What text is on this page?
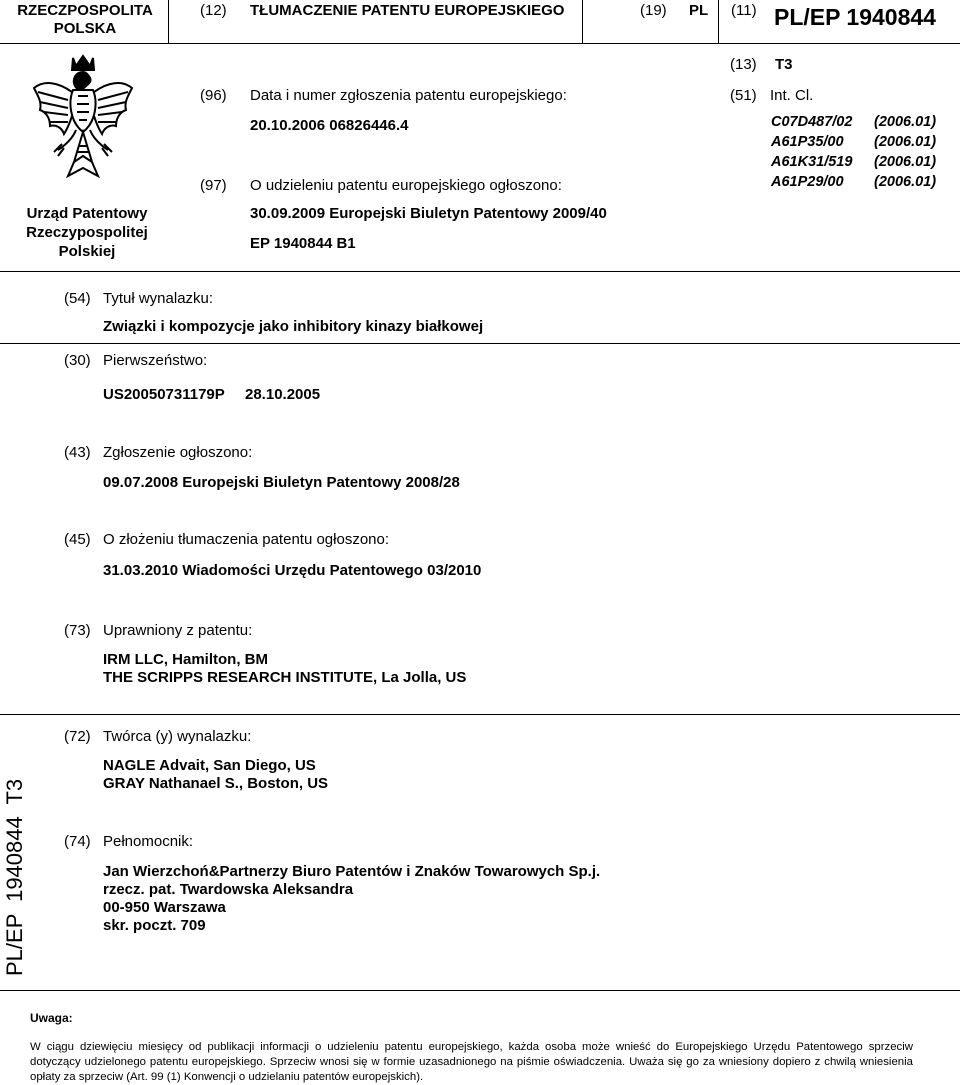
RZECZPOSPOLITA POLSKA
(12) TŁUMACZENIE PATENTU EUROPEJSKIEGO	(19) PL (11) PL/EP 1940844
Urząd Patentowy
Rzeczypospolitej
Polskiej
(13) T3
(96) Data i numer zgłoszenia patentu europejskiego:
20.10.2006 06826446.4
(51) Int. Cl.
C07D487/02
A61P35/00
A61K31/519
A61P29/00
(2006.01)
(2006.01)
(2006.01)
(2006.01)
(97) O udzieleniu patentu europejskiego ogłoszono:
30.09.2009 Europejski Biuletyn Patentowy 2009/40
EP 1940844 B1
(54) Tytuł wynalazku:
Związki i kompozycje jako inhibitory kinazy białkowej
(30) Pierwszeństwo:
US20050731179P 28.10.2005
(43) Zgłoszenie ogłoszono:
09.07.2008 Europejski Biuletyn Patentowy 2008/28
(45) O złożeniu tłumaczenia patentu ogłoszono:
31.03.2010 Wiadomości Urzędu Patentowego 03/2010
(73) Uprawniony z patentu:
IRM LLC, Hamilton, BM
THE SCRIPPS RESEARCH INSTITUTE, La Jolla, US
PL/EP 1940844 T3
(72) Twórca (y) wynalazku:
NAGLE Advait, San Diego, US
GRAY Nathanael S., Boston, US
(74) Pełnomocnik:
Jan Wierzchoń&Partnerzy Biuro Patentów i Znaków Towarowych Sp.j.
rzecz. pat. Twardowska Aleksandra
00-950 Warszawa
skr. poczt. 709
Uwaga:
W ciągu dziewięciu miesięcy od publikacji informacji o udzieleniu patentu europejskiego, każda osoba może wnieść do Europejskiego Urzędu Patentowego sprzeciw dotyczący udzielonego patentu europejskiego. Sprzeciw wnosi się w formie uzasadnionego na piśmie oświadczenia. Uważa się go za wniesiony dopiero z chwilą wniesienia opłaty za sprzeciw (Art. 99 (1) Konwencji o udzielaniu patentów europejskich).
